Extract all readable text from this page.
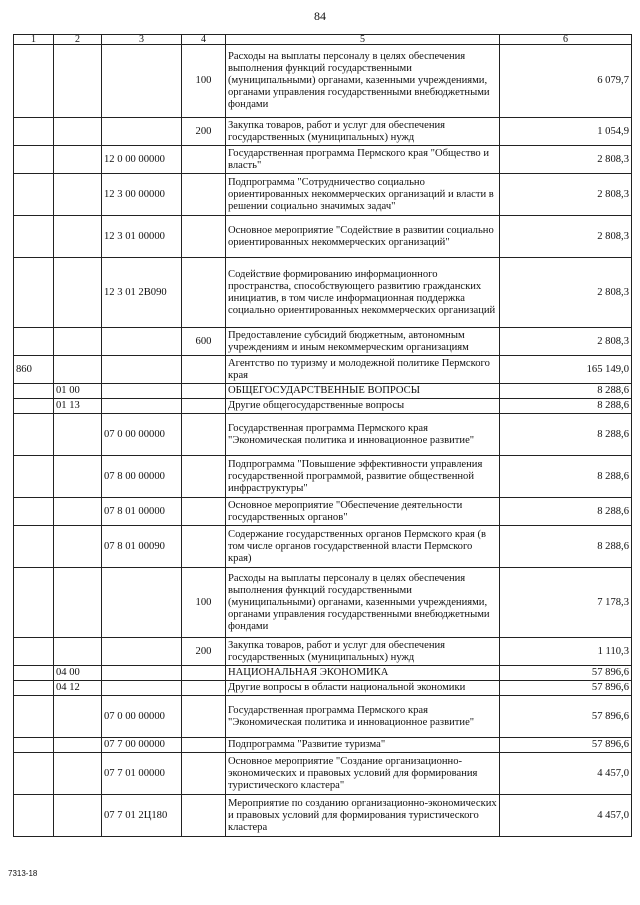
84
1	2	3	4	5	6
			100	Расходы на выплаты персоналу в целях обеспечения выполнения функций государственными (муниципальными) органами, казенными учреждениями, органами управления государственными внебюджетными фондами	6 079,7
			200	Закупка товаров, работ и услуг для обеспечения государственных (муниципальных) нужд	1 054,9
		12 0 00 00000		Государственная программа Пермского края "Общество и власть"	2 808,3
		12 3 00 00000		Подпрограмма "Сотрудничество социально ориентированных некоммерческих организаций и власти в решении социально значимых задач"	2 808,3
		12 3 01 00000		Основное мероприятие "Содействие в развитии социально ориентированных некоммерческих организаций"	2 808,3
		12 3 01 2В090		Содействие формированию информационного пространства, способствующего развитию гражданских инициатив, в том числе информационная поддержка социально ориентированных некоммерческих организаций	2 808,3
			600	Предоставление субсидий бюджетным, автономным учреждениям и иным некоммерческим организациям	2 808,3
860				Агентство по туризму и молодежной политике Пермского края	165 149,0
	01 00			ОБЩЕГОСУДАРСТВЕННЫЕ ВОПРОСЫ	8 288,6
	01 13			Другие общегосударственные вопросы	8 288,6
		07 0 00 00000		Государственная программа Пермского края "Экономическая политика и инновационное развитие"	8 288,6
		07 8 00 00000		Подпрограмма "Повышение эффективности управления государственной программой, развитие общественной инфраструктуры"	8 288,6
		07 8 01 00000		Основное мероприятие "Обеспечение деятельности государственных органов"	8 288,6
		07 8 01 00090		Содержание государственных органов Пермского края (в том числе органов государственной власти Пермского края)	8 288,6
			100	Расходы на выплаты персоналу в целях обеспечения выполнения функций государственными (муниципальными) органами, казенными учреждениями, органами управления государственными внебюджетными фондами	7 178,3
			200	Закупка товаров, работ и услуг для обеспечения государственных (муниципальных) нужд	1 110,3
	04 00			НАЦИОНАЛЬНАЯ ЭКОНОМИКА	57 896,6
	04 12			Другие вопросы в области национальной экономики	57 896,6
		07 0 00 00000		Государственная программа Пермского края "Экономическая политика и инновационное развитие"	57 896,6
		07 7 00 00000		Подпрограмма "Развитие туризма"	57 896,6
		07 7 01 00000		Основное мероприятие "Создание организационно-экономических и правовых условий для формирования туристического кластера"	4 457,0
		07 7 01 2Ц180		Мероприятие по созданию организационно-экономических и правовых условий для формирования туристического кластера	4 457,0
7313-18
